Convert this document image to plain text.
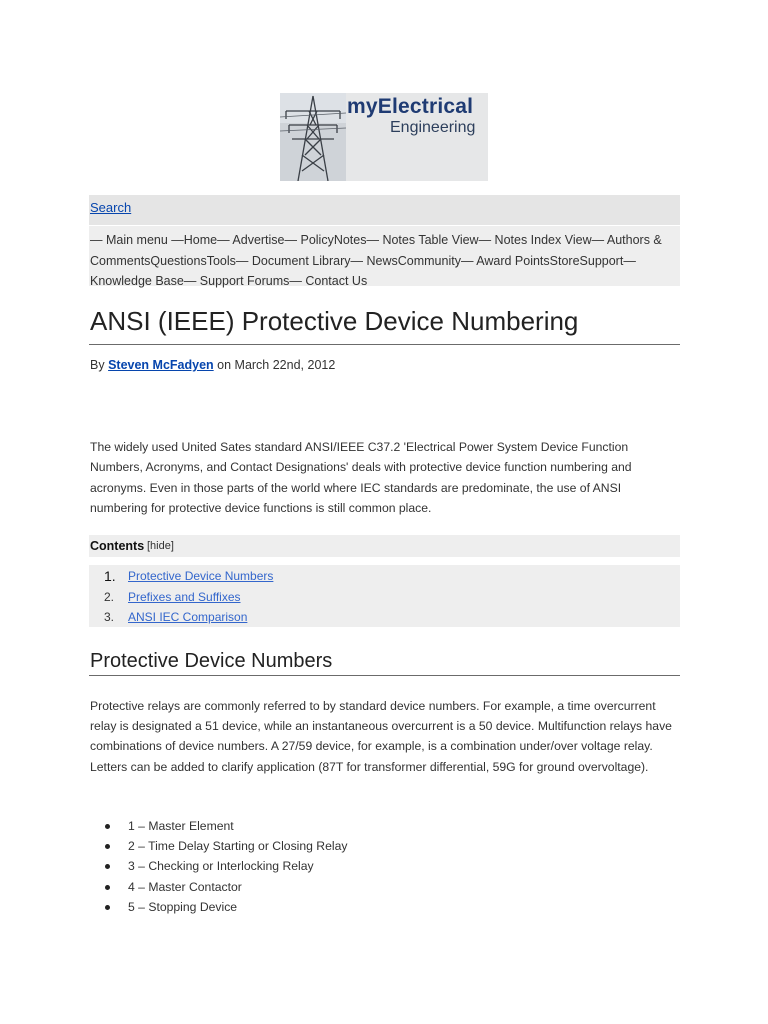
myElectrical
Engineering
Search
— Main menu —Home— Advertise— PolicyNotes— Notes Table View— Notes Index View— Authors & CommentsQuestionsTools— Document Library— NewsCommunity— Award PointsStoreSupport— Knowledge Base— Support Forums— Contact Us
ANSI (IEEE) Protective Device Numbering
By Steven McFadyen on March 22nd, 2012

The widely used United Sates standard ANSI/IEEE C37.2 'Electrical Power System Device Function Numbers, Acronyms, and Contact Designations' deals with protective device function numbering and acronyms. Even in those parts of the world where IEC standards are predominate, the use of ANSI numbering for protective device functions is still common place.

Contents [hide]
1. Protective Device Numbers
2. Prefixes and Suffixes
3. ANSI IEC Comparison
Protective Device Numbers

Protective relays are commonly referred to by standard device numbers. For example, a time overcurrent relay is designated a 51 device, while an instantaneous overcurrent is a 50 device. Multifunction relays have combinations of device numbers. A 27/59 device, for example, is a combination under/over voltage relay. Letters can be added to clarify application (87T for transformer differential, 59G for ground overvoltage).

1 – Master Element
2 – Time Delay Starting or Closing Relay
3 – Checking or Interlocking Relay
4 – Master Contactor
5 – Stopping Device
